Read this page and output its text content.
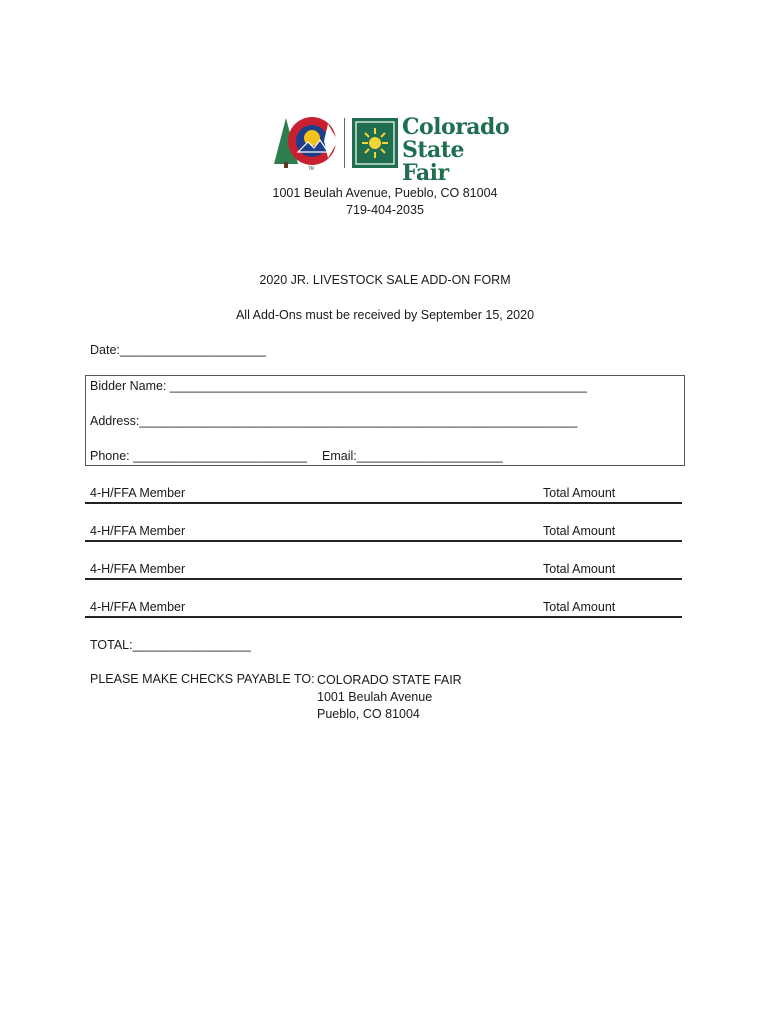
TM
Colorado
State Fair
1001 Beulah Avenue, Pueblo, CO 81004
719-404-2035
2020 JR. LIVESTOCK SALE ADD-ON FORM
All Add-Ons must be received by September 15, 2020
Date:_____________________
Bidder Name: ____________________________________________________________
Address:_______________________________________________________________
Phone: _________________________ Email:_____________________
4-H/FFA Member	Total Amount
4-H/FFA Member	Total Amount
4-H/FFA Member	Total Amount
4-H/FFA Member	Total Amount
TOTAL:_________________
PLEASE MAKE CHECKS PAYABLE TO: COLORADO STATE FAIR
1001 Beulah Avenue
Pueblo, CO 81004
